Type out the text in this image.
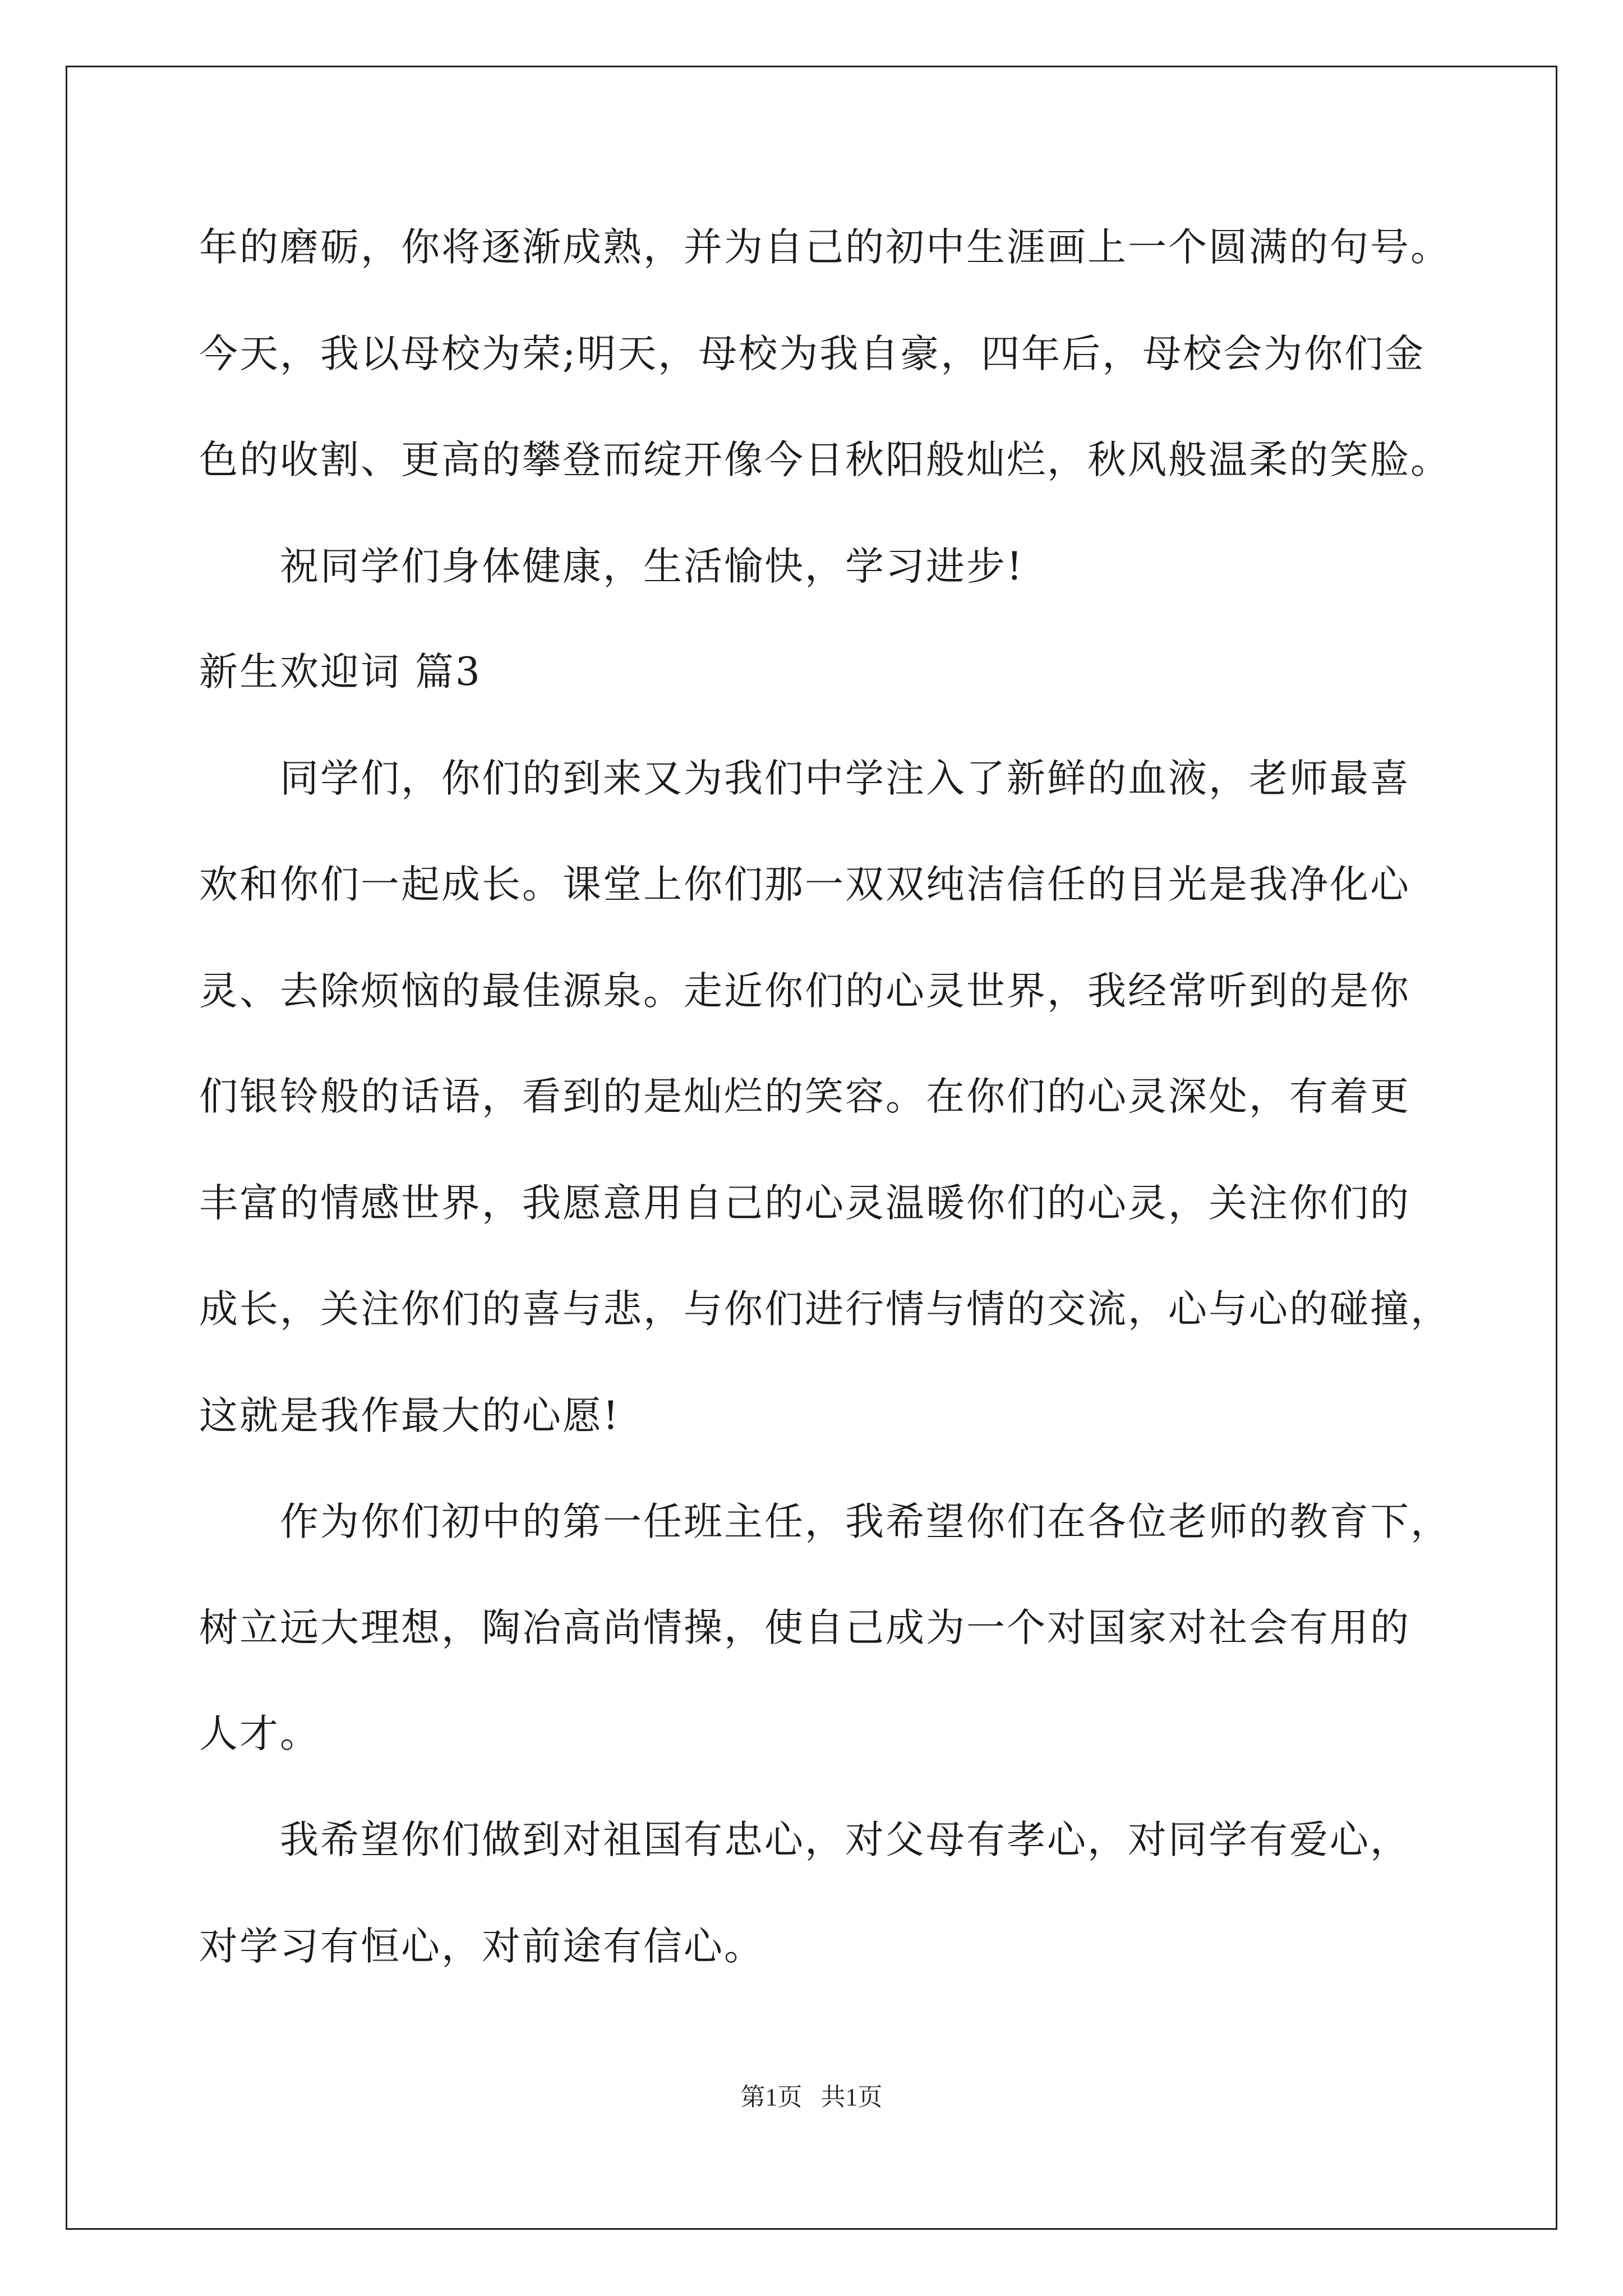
年的磨砺，你将逐渐成熟，并为自己的初中生涯画上一个圆满的句号。
今天，我以母校为荣;明天，母校为我自豪，四年后，母校会为你们金
色的收割、更高的攀登而绽开像今日秋阳般灿烂，秋风般温柔的笑脸。
　　祝同学们身体健康，生活愉快，学习进步!
新生欢迎词 篇3
　　同学们，你们的到来又为我们中学注入了新鲜的血液，老师最喜
欢和你们一起成长。课堂上你们那一双双纯洁信任的目光是我净化心
灵、去除烦恼的最佳源泉。走近你们的心灵世界，我经常听到的是你
们银铃般的话语，看到的是灿烂的笑容。在你们的心灵深处，有着更
丰富的情感世界，我愿意用自己的心灵温暖你们的心灵，关注你们的
成长，关注你们的喜与悲，与你们进行情与情的交流，心与心的碰撞，
这就是我作最大的心愿!
　　作为你们初中的第一任班主任，我希望你们在各位老师的教育下，
树立远大理想，陶冶高尚情操，使自己成为一个对国家对社会有用的
人才。
　　我希望你们做到对祖国有忠心，对父母有孝心，对同学有爱心，
对学习有恒心，对前途有信心。
第1页   共1页
